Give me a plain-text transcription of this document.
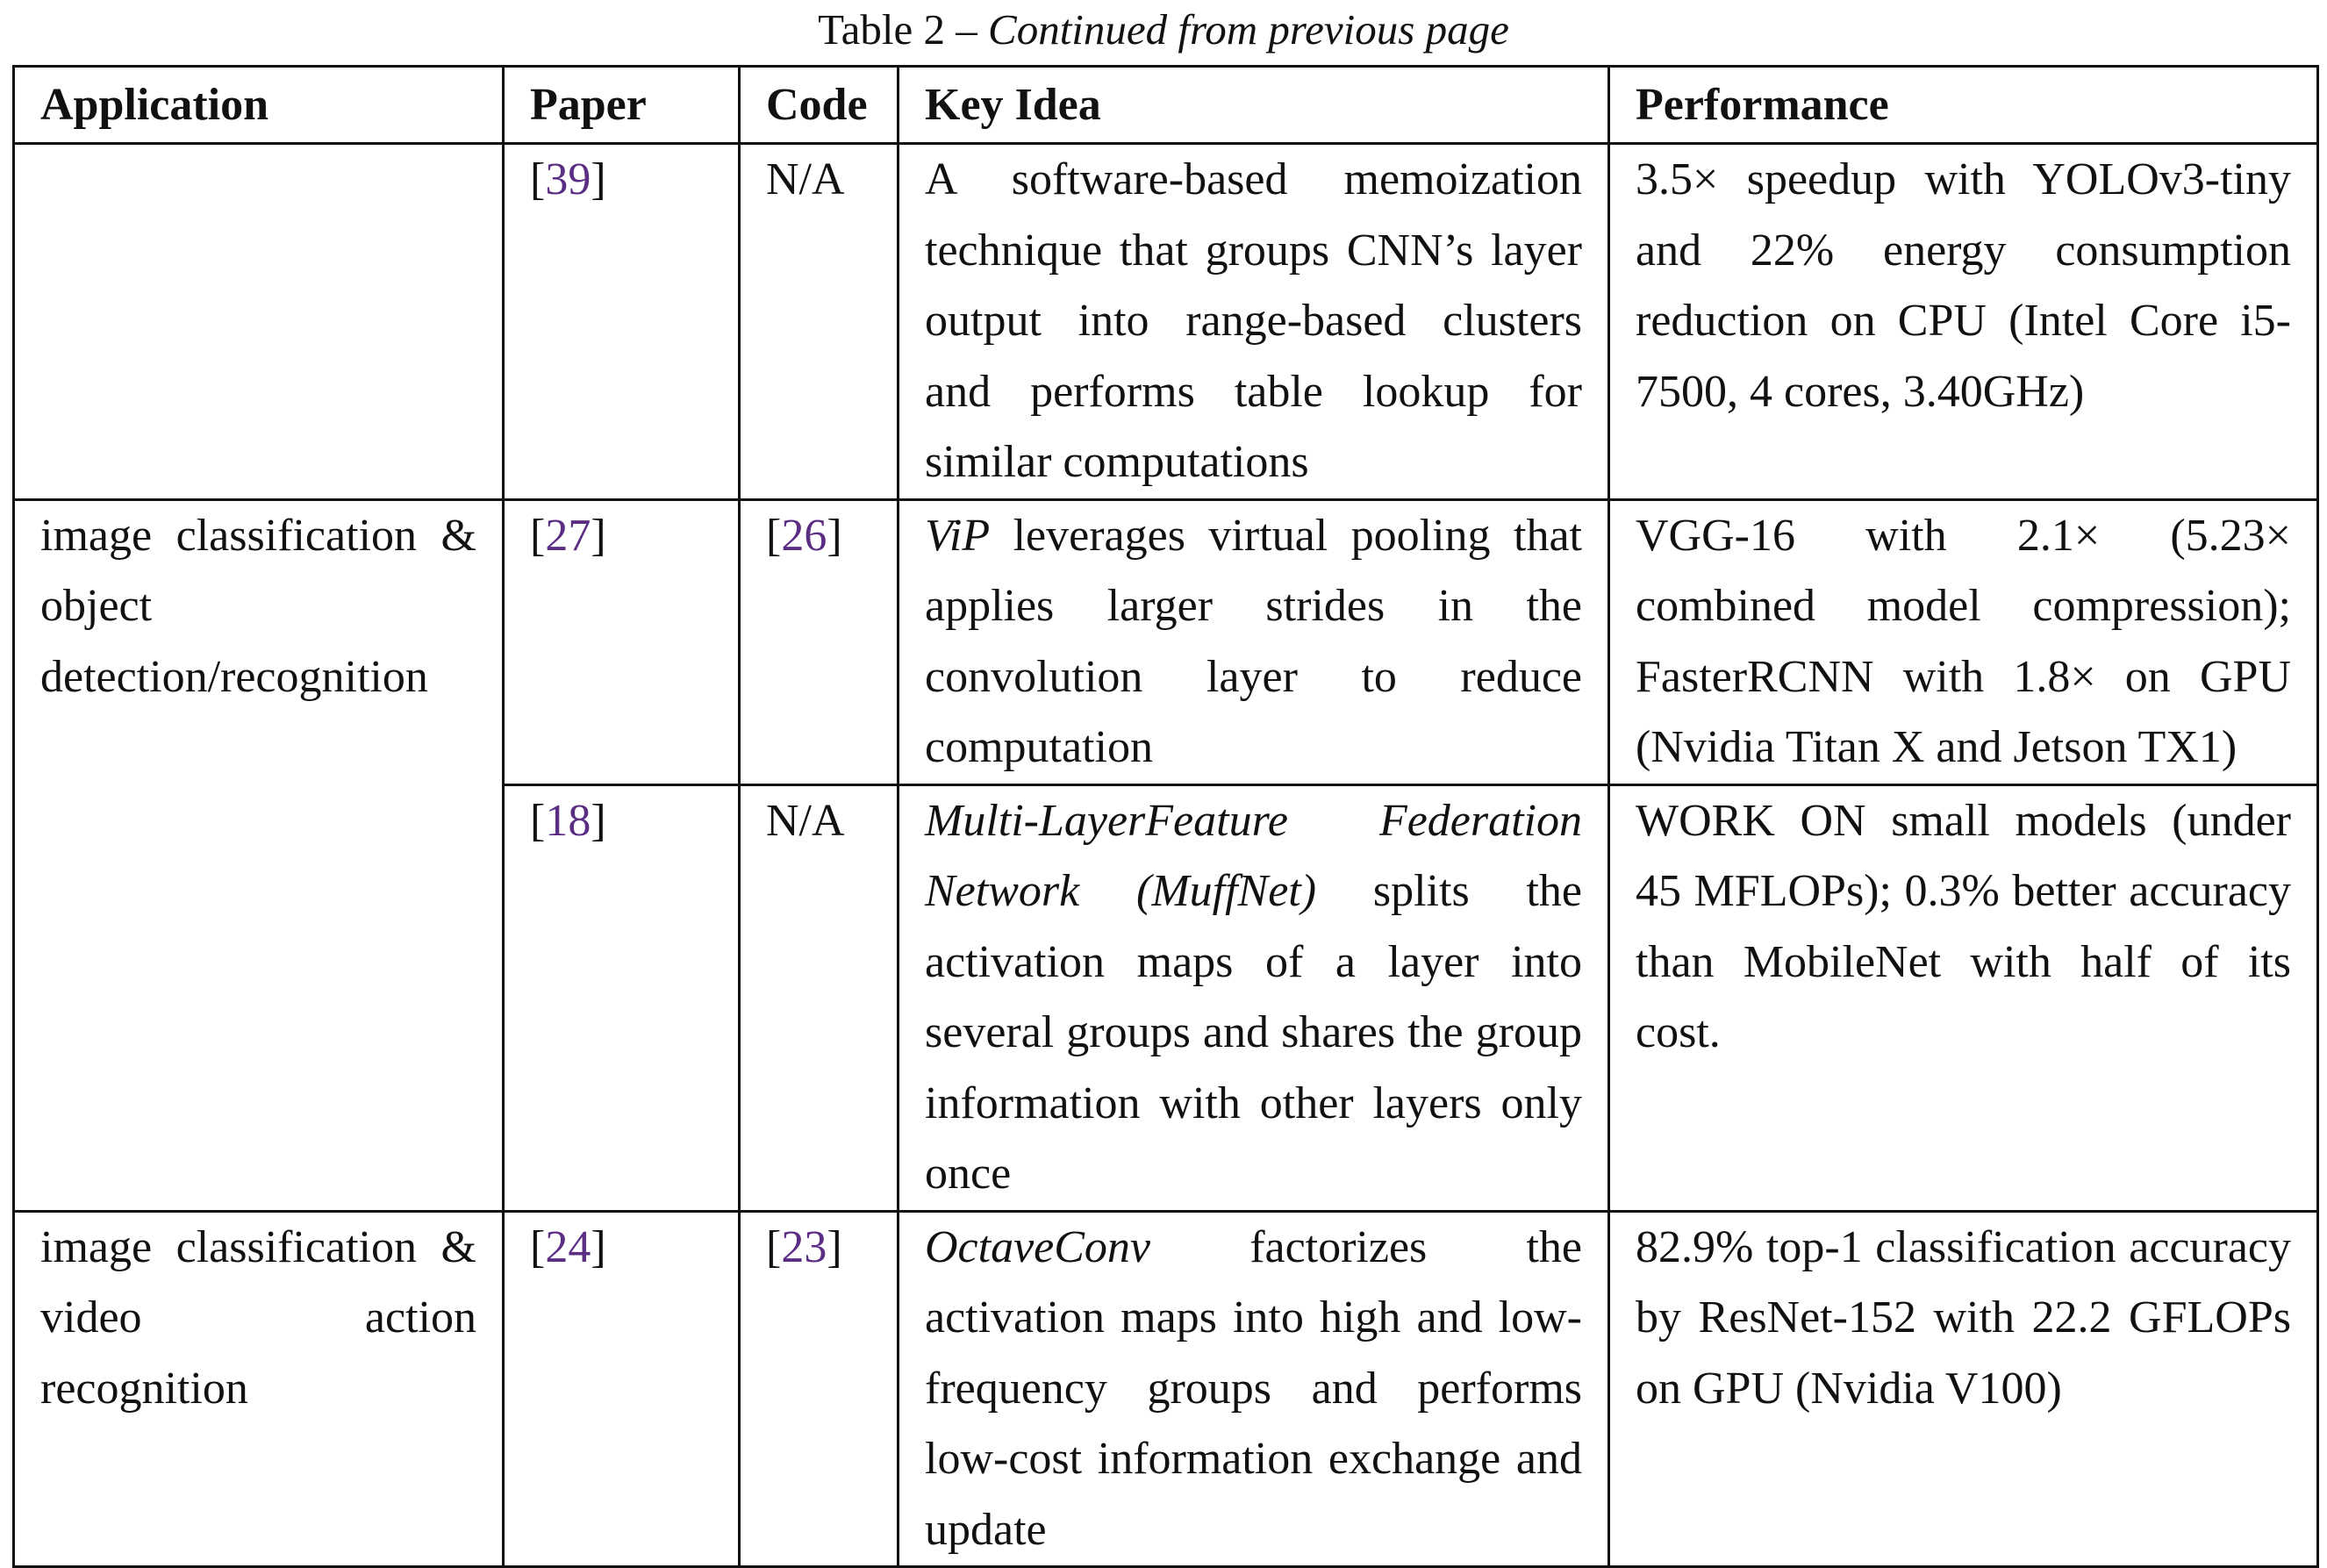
Table 2 – Continued from previous page
Application	Paper	Code	Key Idea	Performance
	[39]	N/A	A software-based memoization technique that groups CNN’s layer output into range-based clusters and performs table lookup for similar computations	3.5× speedup with YOLOv3-tiny and 22% energy consumption reduction on CPU (Intel Core i5-7500, 4 cores, 3.40GHz)
image classification & object detection/recognition	[27]	[26]	ViP leverages virtual pooling that applies larger strides in the convolution layer to reduce computation	VGG-16 with 2.1× (5.23× combined model compression); FasterRCNN with 1.8× on GPU (Nvidia Titan X and Jetson TX1)
	[18]	N/A	Multi-LayerFeature Federation Network (MuffNet) splits the activation maps of a layer into several groups and shares the group information with other layers only once	WORK ON small models (under 45 MFLOPs); 0.3% better accuracy than MobileNet with half of its cost.
image classification & video action recognition	[24]	[23]	OctaveConv factorizes the activation maps into high and low-frequency groups and performs low-cost information exchange and update	82.9% top-1 classification accuracy by ResNet-152 with 22.2 GFLOPs on GPU (Nvidia V100)
